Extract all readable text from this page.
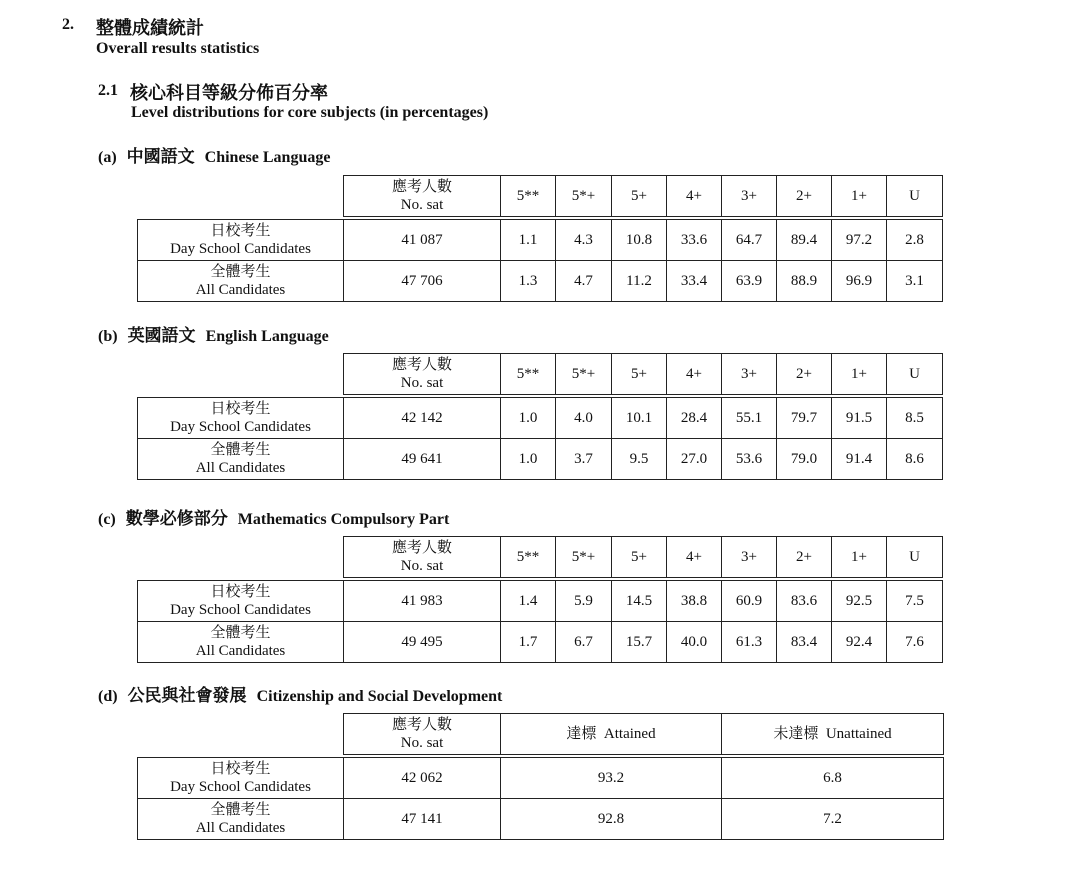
2. 整體成績統計
Overall results statistics
2.1 核心科目等級分佈百分率
Level distributions for core subjects (in percentages)
(a) 中國語文 Chinese Language

	應考人數
No. sat	5**	5*+	5+	4+	3+	2+	1+	U

日校考生
Day School Candidates	41 087	1.1	4.3	10.8	33.6	64.7	89.4	97.2	2.8

全體考生
All Candidates	47 706	1.3	4.7	11.2	33.4	63.9	88.9	96.9	3.1
(b) 英國語文 English Language

	應考人數
No. sat	5**	5*+	5+	4+	3+	2+	1+	U

日校考生
Day School Candidates	42 142	1.0	4.0	10.1	28.4	55.1	79.7	91.5	8.5

全體考生
All Candidates	49 641	1.0	3.7	9.5	27.0	53.6	79.0	91.4	8.6
(c) 數學必修部分 Mathematics Compulsory Part

	應考人數
No. sat	5**	5*+	5+	4+	3+	2+	1+	U

日校考生
Day School Candidates	41 983	1.4	5.9	14.5	38.8	60.9	83.6	92.5	7.5

全體考生
All Candidates	49 495	1.7	6.7	15.7	40.0	61.3	83.4	92.4	7.6
(d) 公民與社會發展 Citizenship and Social Development

	應考人數
No. sat	達標 Attained	未達標 Unattained

日校考生
Day School Candidates	42 062	93.2	6.8

全體考生
All Candidates	47 141	92.8	7.2
